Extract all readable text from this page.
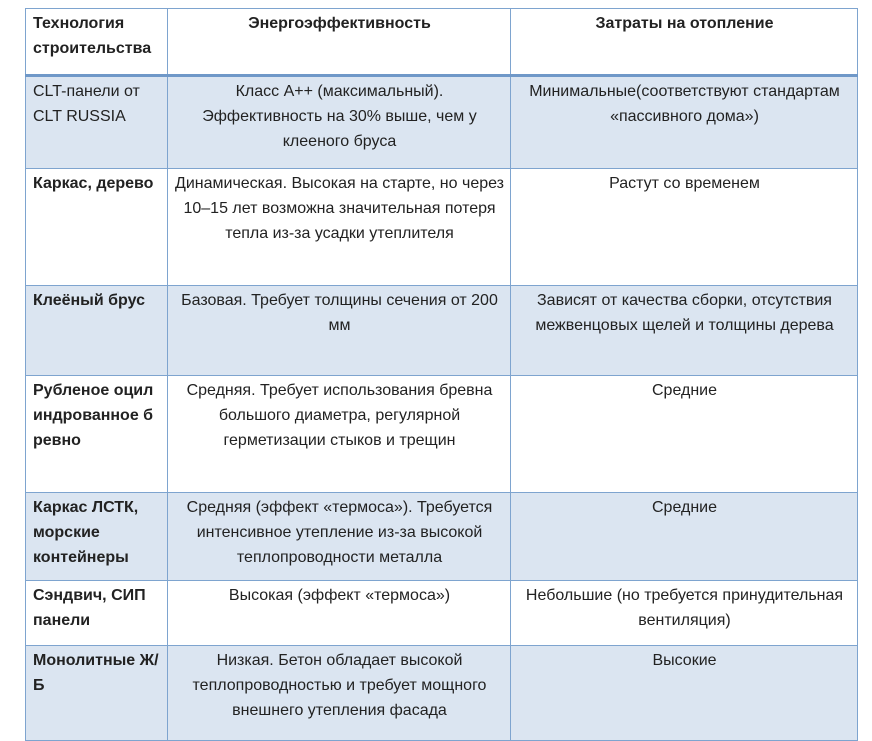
Технология строительства	Энергоэффективность	Затраты на отопление
CLT-панели от CLT RUSSIA	Класс А++ (максимальный). Эффективность на 30% выше, чем у клееного бруса	Минимальные(соответствуют стандартам «пассивного дома»)
Каркас, дерево	Динамическая. Высокая на старте, но через 10–15 лет возможна значительная потеря тепла из-за усадки утеплителя	Растут со временем
Клеёный брус	Базовая. Требует толщины сечения от 200 мм	Зависят от качества сборки, отсутствия межвенцовых щелей и толщины дерева
Рубленое оцилиндрованное бревно	Средняя. Требует использования бревна большого диаметра, регулярной герметизации стыков и трещин	Средние
Каркас ЛСТК, морские контейнеры	Средняя (эффект «термоса»). Требуется интенсивное утепление из-за высокой теплопроводности металла	Средние
Сэндвич, СИП панели	Высокая (эффект «термоса»)	Небольшие (но требуется принудительная вентиляция)
Монолитные Ж/Б	Низкая. Бетон обладает высокой теплопроводностью и требует мощного внешнего утепления фасада	Высокие
